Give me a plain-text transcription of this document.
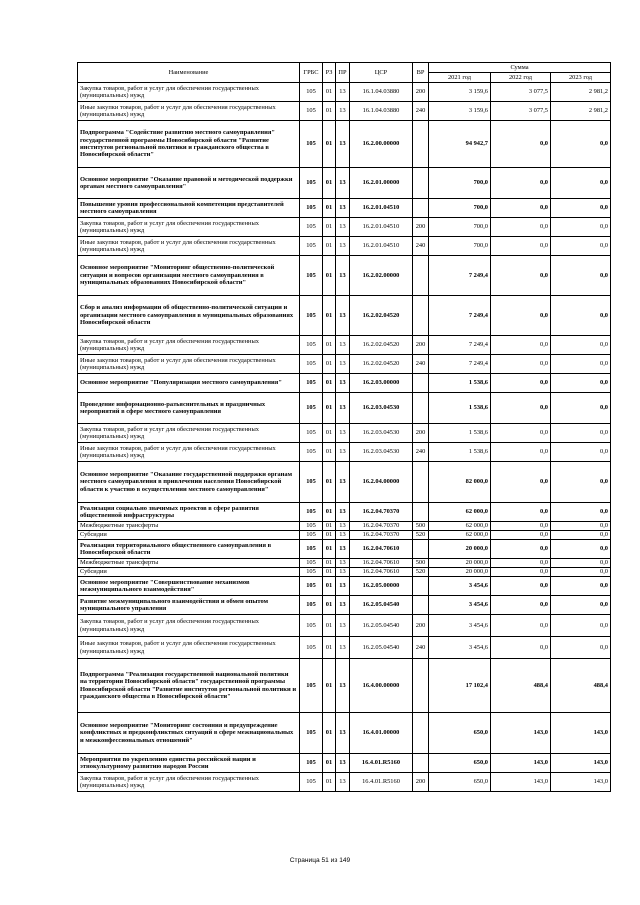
Наименование	ГРБС	РЗ	ПР	ЦСР	ВР	Сумма		
						2021 год	2022 год	2023 год
Закупка товаров, работ и услуг для обеспечения государственных (муниципальных) нужд	105	01	13	16.1.04.03880	200	3 159,6	3 077,5	2 981,2
Иные закупки товаров, работ и услуг для обеспечения государственных (муниципальных) нужд	105	01	13	16.1.04.03880	240	3 159,6	3 077,5	2 981,2
Подпрограмма "Содействие развитию местного самоуправления" государственной программы Новосибирской области "Развитие институтов региональной политики и гражданского общества в Новосибирской области"	105	01	13	16.2.00.00000		94 942,7	0,0	0,0
Основное мероприятие "Оказание правовой и методической поддержки органам местного самоуправления"	105	01	13	16.2.01.00000		700,0	0,0	0,0
Повышение уровня профессиональной компетенции представителей местного самоуправления	105	01	13	16.2.01.04510		700,0	0,0	0,0
Закупка товаров, работ и услуг для обеспечения государственных (муниципальных) нужд	105	01	13	16.2.01.04510	200	700,0	0,0	0,0
Иные закупки товаров, работ и услуг для обеспечения государственных (муниципальных) нужд	105	01	13	16.2.01.04510	240	700,0	0,0	0,0
Основное мероприятие "Мониторинг общественно-политической ситуации и вопросов организации местного самоуправления в муниципальных образованиях Новосибирской области"	105	01	13	16.2.02.00000		7 249,4	0,0	0,0
Сбор и анализ информации об общественно-политической ситуации и организации местного самоуправления в муниципальных образованиях Новосибирской области	105	01	13	16.2.02.04520		7 249,4	0,0	0,0
Закупка товаров, работ и услуг для обеспечения государственных (муниципальных) нужд	105	01	13	16.2.02.04520	200	7 249,4	0,0	0,0
Иные закупки товаров, работ и услуг для обеспечения государственных (муниципальных) нужд	105	01	13	16.2.02.04520	240	7 249,4	0,0	0,0
Основное мероприятие "Популяризация местного самоуправления"	105	01	13	16.2.03.00000		1 538,6	0,0	0,0
Проведение информационно-разъяснительных и праздничных мероприятий в сфере местного самоуправления	105	01	13	16.2.03.04530		1 538,6	0,0	0,0
Закупка товаров, работ и услуг для обеспечения государственных (муниципальных) нужд	105	01	13	16.2.03.04530	200	1 538,6	0,0	0,0
Иные закупки товаров, работ и услуг для обеспечения государственных (муниципальных) нужд	105	01	13	16.2.03.04530	240	1 538,6	0,0	0,0
Основное мероприятие "Оказание государственной поддержки органам местного самоуправления в привлечении населения Новосибирской области к участию в осуществлении местного самоуправления"	105	01	13	16.2.04.00000		82 000,0	0,0	0,0
Реализация социально значимых проектов в сфере развития общественной инфраструктуры	105	01	13	16.2.04.70370		62 000,0	0,0	0,0
Межбюджетные трансферты	105	01	13	16.2.04.70370	500	62 000,0	0,0	0,0
Субсидии	105	01	13	16.2.04.70370	520	62 000,0	0,0	0,0
Реализация территориального общественного самоуправления в Новосибирской области	105	01	13	16.2.04.70610		20 000,0	0,0	0,0
Межбюджетные трансферты	105	01	13	16.2.04.70610	500	20 000,0	0,0	0,0
Субсидии	105	01	13	16.2.04.70610	520	20 000,0	0,0	0,0
Основное мероприятие "Совершенствование механизмов межмуниципального взаимодействия"	105	01	13	16.2.05.00000		3 454,6	0,0	0,0
Развитие межмуниципального взаимодействия и обмен опытом муниципального управления	105	01	13	16.2.05.04540		3 454,6	0,0	0,0
Закупка товаров, работ и услуг для обеспечения государственных (муниципальных) нужд	105	01	13	16.2.05.04540	200	3 454,6	0,0	0,0
Иные закупки товаров, работ и услуг для обеспечения государственных (муниципальных) нужд	105	01	13	16.2.05.04540	240	3 454,6	0,0	0,0
Подпрограмма "Реализация государственной национальной политики на территории Новосибирской области" государственной программы Новосибирской области "Развитие институтов региональной политики и гражданского общества в Новосибирской области"	105	01	13	16.4.00.00000		17 102,4	488,4	488,4
Основное мероприятие "Мониторинг состояния и предупреждение конфликтных и предконфликтных ситуаций в сфере межнациональных и межконфессиональных отношений"	105	01	13	16.4.01.00000		650,0	143,0	143,0
Мероприятия по укреплению единства российской нации и этнокультурному развитию народов России	105	01	13	16.4.01.R5160		650,0	143,0	143,0
Закупка товаров, работ и услуг для обеспечения государственных (муниципальных) нужд	105	01	13	16.4.01.R5160	200	650,0	143,0	143,0
Страница 51 из 149
